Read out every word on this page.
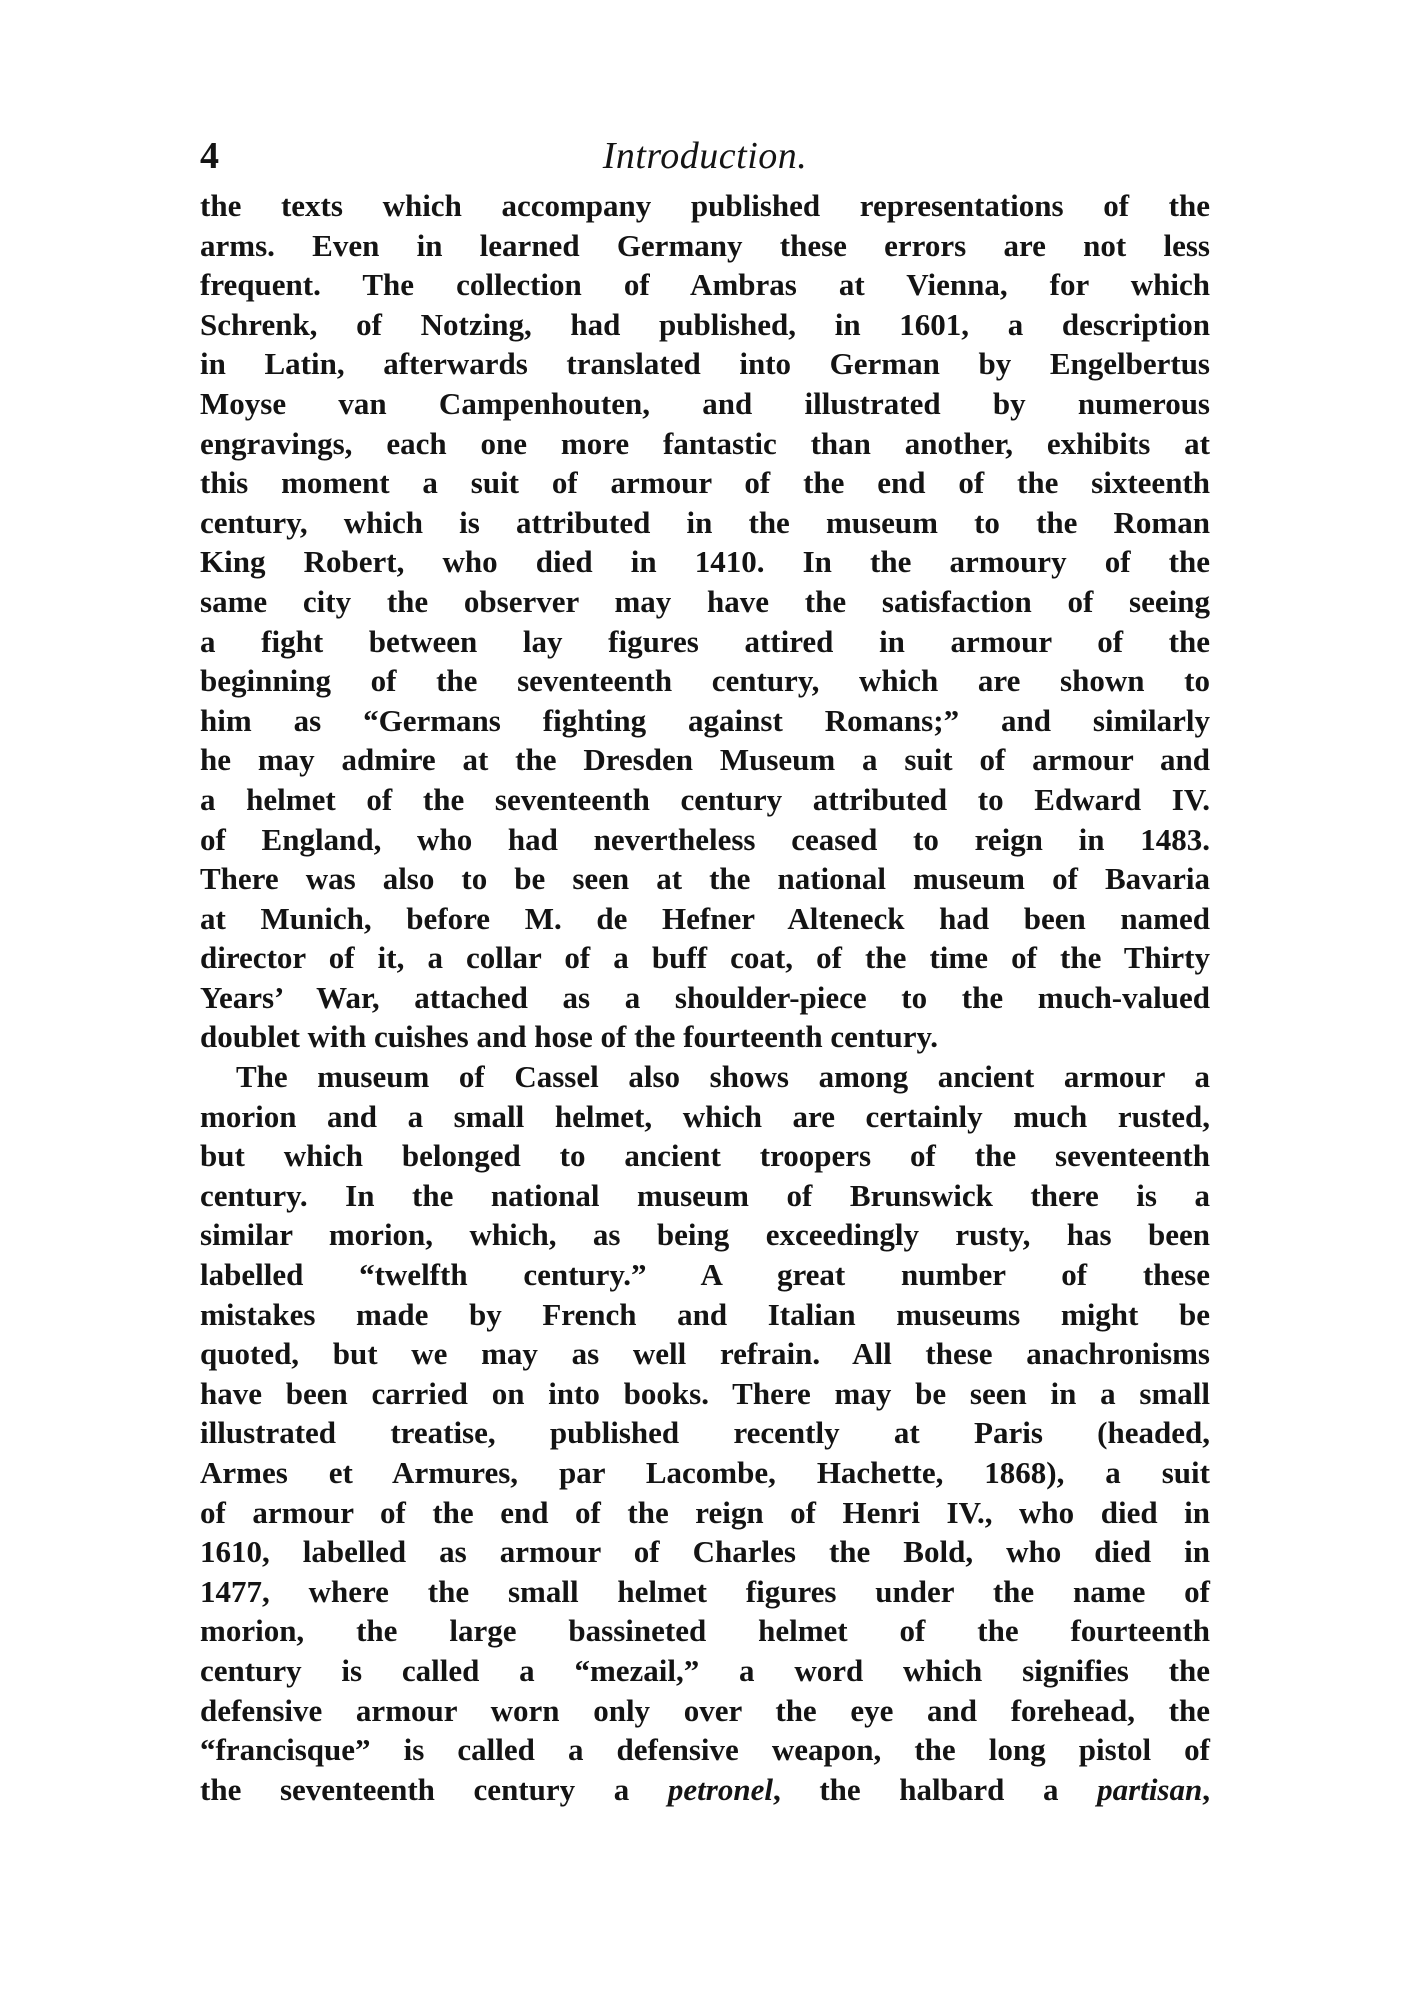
4	Introduction.

the texts which accompany published representations of the
arms. Even in learned Germany these errors are not less
frequent. The collection of Ambras at Vienna, for which
Schrenk, of Notzing, had published, in 1601, a description
in Latin, afterwards translated into German by Engelbertus
Moyse van Campenhouten, and illustrated by numerous
engravings, each one more fantastic than another, exhibits at
this moment a suit of armour of the end of the sixteenth
century, which is attributed in the museum to the Roman
King Robert, who died in 1410. In the armoury of the
same city the observer may have the satisfaction of seeing
a fight between lay figures attired in armour of the
beginning of the seventeenth century, which are shown to
him as “Germans fighting against Romans;” and similarly
he may admire at the Dresden Museum a suit of armour and
a helmet of the seventeenth century attributed to Edward IV.
of England, who had nevertheless ceased to reign in 1483.
There was also to be seen at the national museum of Bavaria
at Munich, before M. de Hefner Alteneck had been named
director of it, a collar of a buff coat, of the time of the Thirty
Years’ War, attached as a shoulder-piece to the much-valued
doublet with cuishes and hose of the fourteenth century.

The museum of Cassel also shows among ancient armour a
morion and a small helmet, which are certainly much rusted,
but which belonged to ancient troopers of the seventeenth
century. In the national museum of Brunswick there is a
similar morion, which, as being exceedingly rusty, has been
labelled “twelfth century.” A great number of these
mistakes made by French and Italian museums might be
quoted, but we may as well refrain. All these anachronisms
have been carried on into books. There may be seen in a small
illustrated treatise, published recently at Paris (headed,
Armes et Armures, par Lacombe, Hachette, 1868), a suit
of armour of the end of the reign of Henri IV., who died in
1610, labelled as armour of Charles the Bold, who died in
1477, where the small helmet figures under the name of
morion, the large bassineted helmet of the fourteenth
century is called a “mezail,” a word which signifies the
defensive armour worn only over the eye and forehead, the
“francisque” is called a defensive weapon, the long pistol of
the seventeenth century a petronel, the halbard a partisan,
